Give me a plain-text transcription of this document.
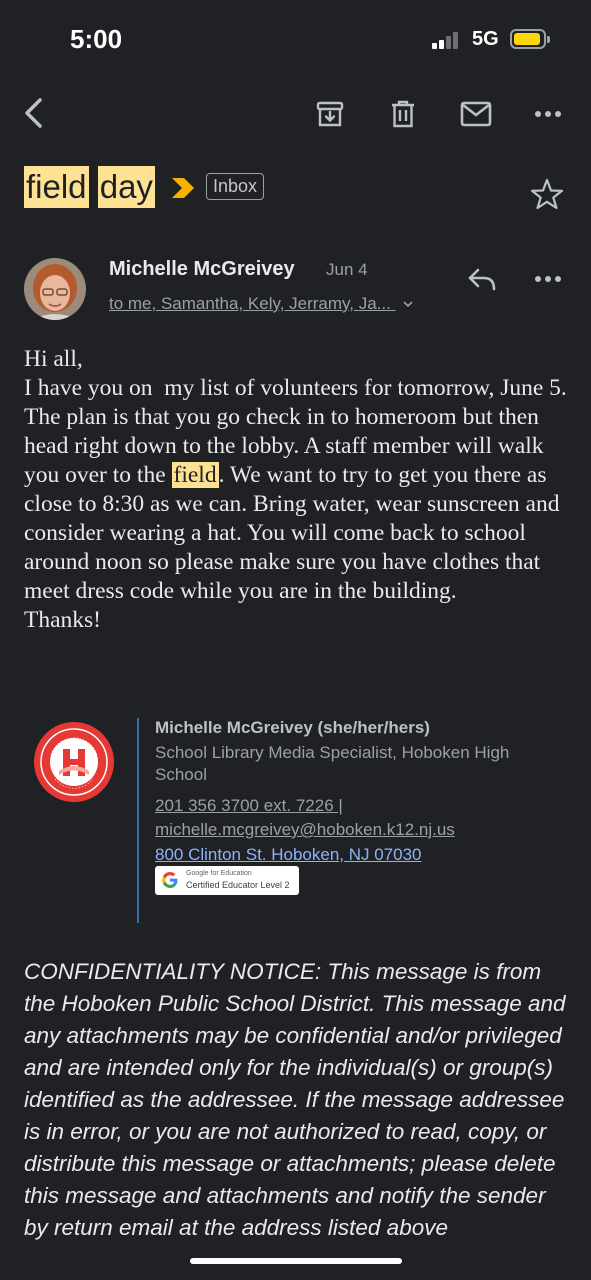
5:00	5G
field day	Inbox
Michelle McGreivey Jun 4
to me, Samantha, Kely, Jerramy, Ja...
Hi all,
I have you on  my list of volunteers for tomorrow, June 5. The plan is that you go check in to homeroom but then head right down to the lobby. A staff member will walk you over to the field. We want to try to get you there as close to 8:30 as we can. Bring water, wear sunscreen and consider wearing a hat. You will come back to school around noon so please make sure you have clothes that meet dress code while you are in the building.
Thanks!
Michelle McGreivey (she/her/hers)
School Library Media Specialist, Hoboken High School
201 356 3700 ext. 7226 |
michelle.mcgreivey@hoboken.k12.nj.us
800 Clinton St. Hoboken, NJ 07030
Google for Education
Certified Educator Level 2
CONFIDENTIALITY NOTICE: This message is from the Hoboken Public School District. This message and any attachments may be confidential and/or privileged and are intended only for the individual(s) or group(s) identified as the addressee. If the message addressee is in error, or you are not authorized to read, copy, or distribute this message or attachments; please delete this message and attachments and notify the sender by return email at the address listed above
